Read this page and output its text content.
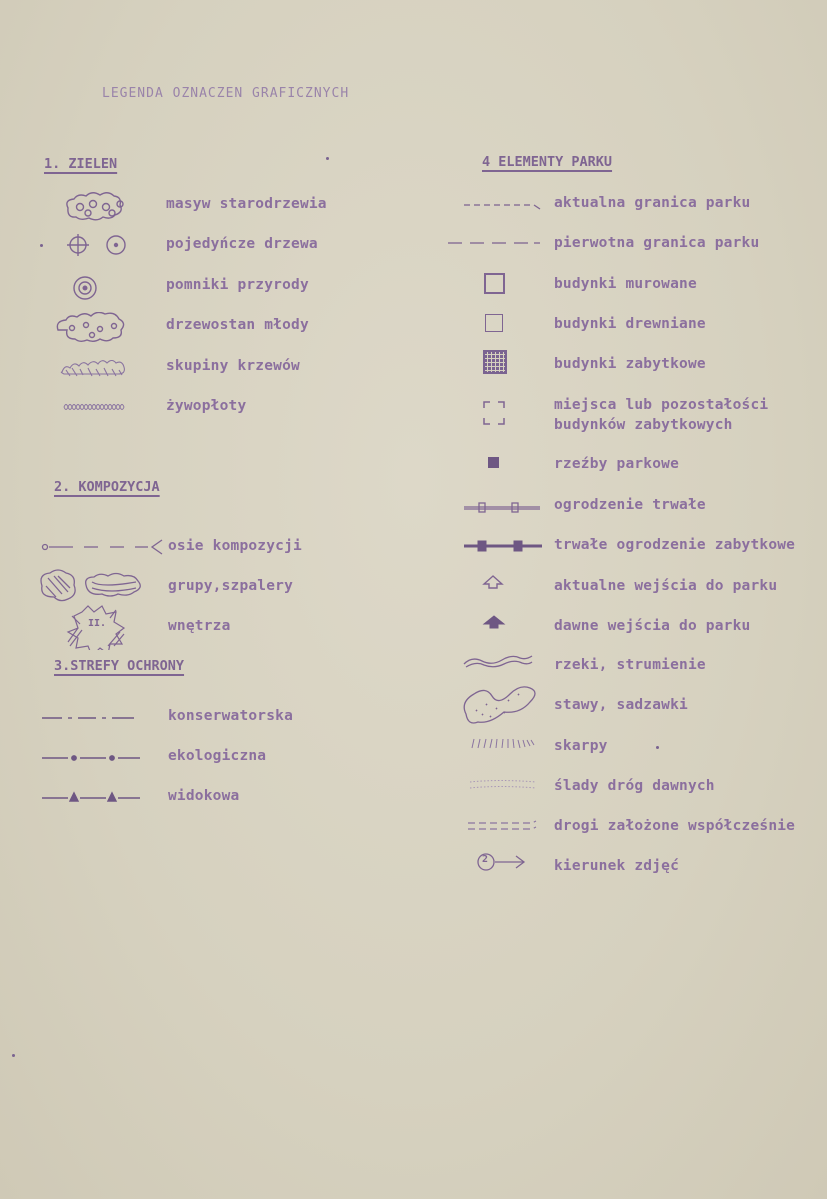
LEGENDA OZNACZEN GRAFICZNYCH
1. ZIELEN
masyw starodrzewia
pojedyńcze drzewa
pomniki przyrody
drzewostan młody
skupiny krzewów
żywopłoty
2. KOMPOZYCJA
osie kompozycji
grupy,szpalery
II.	wnętrza
3.STREFY OCHRONY
konserwatorska
ekologiczna
widokowa
4 ELEMENTY PARKU
aktualna granica parku
pierwotna granica parku
budynki murowane
budynki drewniane
budynki zabytkowe
miejsca lub pozostałości
budynków zabytkowych
rzeźby parkowe
ogrodzenie trwałe
trwałe ogrodzenie zabytkowe
aktualne wejścia do parku
dawne wejścia do parku
rzeki, strumienie
stawy, sadzawki
skarpy
ślady dróg dawnych
drogi założone współcześnie
2	kierunek zdjęć
